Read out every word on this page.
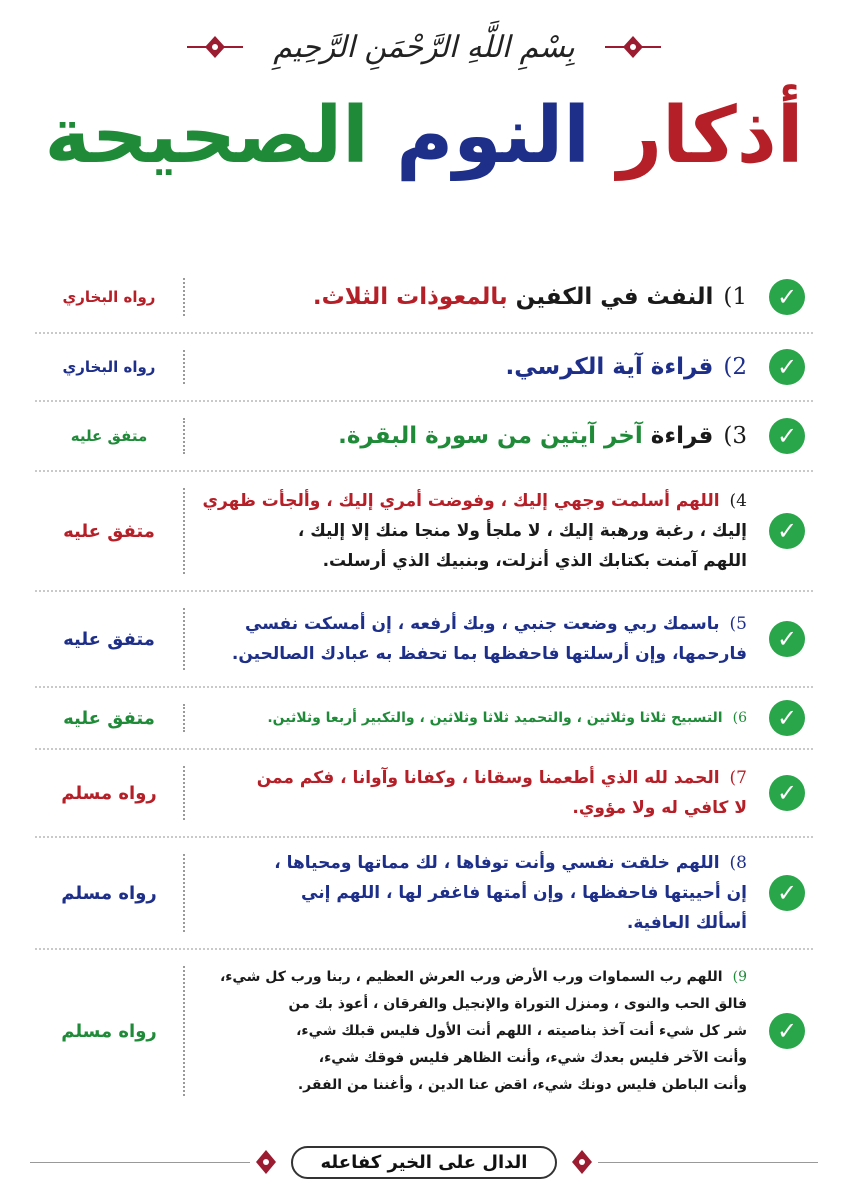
بِسْمِ اللَّهِ الرَّحْمَنِ الرَّحِيمِ
أذكار النوم الصحيحة
✓
1)النفث في الكفين بالمعوذات الثلاث.
رواه البخاري
✓
2)قراءة آية الكرسي.
رواه البخاري
✓
3)قراءة آخر آيتين من سورة البقرة.
متفق عليه
✓
4)اللهم أسلمت وجهي إليك ، وفوضت أمري إليك ، وألجأت ظهري
إليك ، رغبة ورهبة إليك ، لا ملجأ ولا منجا منك إلا إليك ،
اللهم آمنت بكتابك الذي أنزلت، وبنبيك الذي أرسلت.
متفق عليه
✓
5)باسمك ربي وضعت جنبي ، وبك أرفعه ، إن أمسكت نفسي
فارحمها، وإن أرسلتها فاحفظها بما تحفظ به عبادك الصالحين.
متفق عليه
✓
6)التسبيح ثلاثا وثلاثين ، والتحميد ثلاثا وثلاثين ، والتكبير أربعا وثلاثين.
متفق عليه
✓
7)الحمد لله الذي أطعمنا وسقانا ، وكفانا وآوانا ، فكم ممن
لا كافي له ولا مؤوي.
رواه مسلم
✓
8)اللهم خلقت نفسي وأنت توفاها ، لك مماتها ومحياها ،
إن أحييتها فاحفظها ، وإن أمتها فاغفر لها ، اللهم إني
أسألك العافية.
رواه مسلم
✓
9)اللهم رب السماوات ورب الأرض ورب العرش العظيم ، ربنا ورب كل شيء،
فالق الحب والنوى ، ومنزل التوراة والإنجيل والفرقان ، أعوذ بك من
شر كل شيء أنت آخذ بناصيته ، اللهم أنت الأول فليس قبلك شيء،
وأنت الآخر فليس بعدك شيء، وأنت الظاهر فليس فوقك شيء،
وأنت الباطن فليس دونك شيء، اقض عنا الدين ، وأغننا من الفقر.
رواه مسلم
الدال على الخير كفاعله
